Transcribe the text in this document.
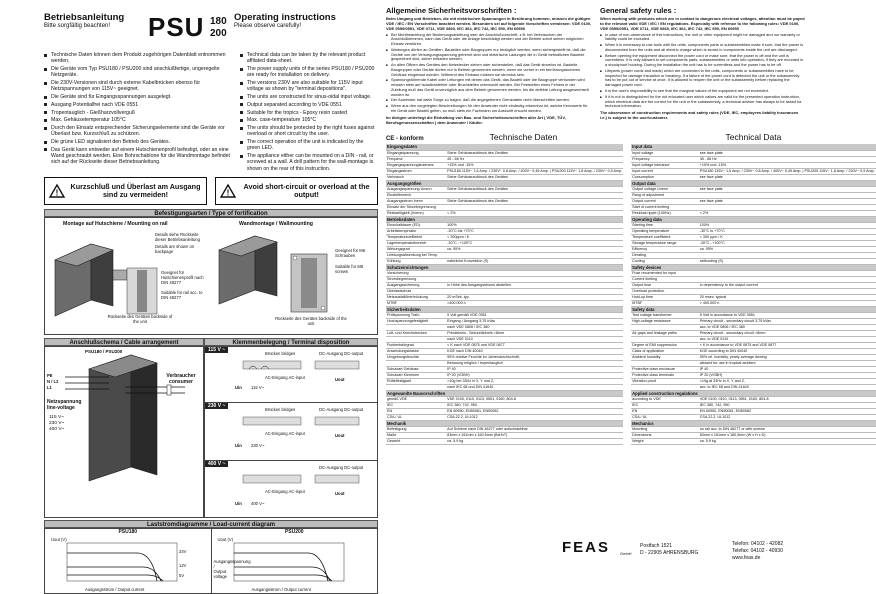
Betriebsanleitung
Bitte sorgfältig beachten!	PSU 180
200
Operating instructions
Please observe carefully!
Technische Daten können dem Produkt zugehörigen Datenblatt entnommen werden.
Die Geräte vom Typ PSU180 / PSU200 sind anschlußfertige, ungeregelte Netzgeräte.
Die 230V-Versionen sind durch externe Kabelbrücken ebenso für Netzspannungen von 115V~ geeignet.
Die Geräte sind für Eingangsspannungen ausgelegt.
Ausgang Potentialfrei nach VDE 0551
Tropentauglich - Gießharzvollverguß
Max. Gehäusetemperatur 105°C
Durch den Einsatz entsprechender Sicherungselemente sind die Geräte vor Überlast bzw. Kurzschluß zu schützen.
Die grüne LED signalisiert den Betrieb des Gerätes.
Das Gerät kann entweder auf einem Hutschienenprofil befestigt, oder an eine Wand geschraubt werden. Eine Bohrschablone für die Wandmontage befindet sich auf der Rückseite dieser Betriebsanleitung.
Technical data can be taken by the relevant product affilated data-sheet.
The power supply units of the series PSU180 / PSU200 are ready for installation on delivery.
The versions 230V are also suitable for 115V input voltage as shown by "terminal depositions".
The units are constructed for sinus-oidal input voltage.
Output separated according to VDE 0551
Suitable for the tropics - Epoxy resin casted
Max. case-temperature 105°C
The units should be protected by the right fuses against overload or short circuit by the user.
The correct operation of the unit is indicated by the green LED.
The appliance either can be mounted on a DIN - rail, or screwed at a wall. A drill pattern for the wall-montage is shown on the rear of this instruction.
!
Kurzschluß und Überlast am Ausgang sind zu vermeiden!	!
Avoid short-circuit or overload at the output!
Befestigungsarten / Type of fortification
Montage auf Hutschiene / Mounting on rail	Wandmontage / Wallmounting
Details siehe Rückseite dieser Betriebsanleitung
Details are shown on backpage
Geeignet für Hutschienenprofil nach DIN 46277
Suitable for rail acc. to DIN 46277
Rückseite des Gerätes backside of the unit
Geeignet für M6 Schrauben
Suitable for M6 screws
Rückseite des Gerätes backside of the unit
Anschlußschema / Cable arrangement	Klemmenbelegung / Terminal disposition
PSU180 / PSU200
PE
N / L2
L1
Netzspannung line-voltage
115 V~
230 V~
400 V~
Verbraucher consumer
115 V ~
Brücken bridges
AC-Eingang AC-input
DC-Ausgang DC-output
Uin 115 V~
Uout
230 V ~
Brücken bridges
AC-Eingang AC-input
DC-Ausgang DC-output
Uin 230 V~
Uout
400 V ~
AC-Eingang AC-input
DC-Ausgang DC-output
Uin 400 V~
Uout
Laststromdiagramme / Load-current diagram
PSU180
Uout (V)
24V
12V
5V
Ausgangsstrom / Output current
PSU200
Uout (V)
Ausgangsstrom / Output current
Ausgangsspannung / Output voltage
Allgemeine Sicherheitsvorschriften :
Beim Umgang und Betrieben, die mit elektrischen Spannungen in Berührung kommen, müssen die gültigen VDE / IEC / EN Vorschriften beachtet werden. Besonders sei auf folgende Vorschriften verwiesen: VDE 0100, VDE 0550/0551, VDE 0711, VDE 0860, IEC 364, IEC 742, IEC 950, EN 60950
■ Bei Nichtbeachtung der Bedienungsanleitung oder der Anschlußvorschrift, z.B. bei Verbrauchen der Anschlußklemmen, kann das Gerät oder die Anlage beschädigt werden und der Betrieb sofort seinen möglichen Einsatz zerstören.
■ Wartungen dürfen an Geräten, Bauteilen oder Baugruppen nur bezüglich werden, wenn sichergestellt ist, daß die Geräte von der Versorgungsspannung getrennt sind und elektrische Ladungen die in Gerät befindlichen Bauteile gespeichert sind, sicher entladen werden.
■ An allen Öffnen des Gerätes den Netzstecker ziehen oder sicherstellen, daß das Gerät stromlos ist. Bauteile, Baugruppen oder Geräte dürfen nur in Betrieb genommen werden, wenn sie vorher in ein berührungssicheres Gehäuse eingebaut wurden. Während des Einbaus müssen sie stromlos sein.
■ Spannungsführende Kabel oder Leitungen mit denen das Gerät, das Bauteil oder die Baugruppe verbunden wird müssen stets auf Isolationsfehler oder Bruchstellen untersucht werden. Bei Feststellen eines Fehlers in der Zuleitung muß das Gerät unverzüglich aus dem Betrieb genommen werden, bis die defekte Leitung ausgewechselt worden ist.
■ Der Anwender hat dafür Sorge zu tragen, daß die angegebenen Grenzdaten nicht überschritten werden.
■ Wenn aus den vorgelegten Beschreibungen für den Anwender nicht eindeutig erkennbar ist, welche Kennwerte für ein Gerät oder Bauteil gelten, so muß stets ein Fachmann um Auskunft ersucht werden.
Im übrigen unterliegt die Einhaltung von Bau- und Sicherheitsvorschriften aller Art ( VDE, TÜV, Berufsgenossenschaften ) dem Anwender / Käufer.
General safety rules :
When working with products which are in contact to dangerous electrical voltages, attention must be payed to the relevant valid VDE / IEC / EN regulations. Especially with refrence to the following rules: VDE 0100, VDE 0550/0551, VDE 0711, VDE 0860, IEC 364, IEC 742, IEC 950, EN 60950
■ In case of non-observance of this instructions, the unit or other equipment might be damaged and our warranty or liability could be excluded.
■ When it is necessary to use tools with the units, components parts or subassemblies make it sure, that the power is disconnected from the units and all electric charge which is stored in components inside the unit are discharged.
■ Before opening the equipment disconnect the power cord or make sure, that the power is off and the unit is currentless. It is only allowed to set components parts, subassemblies or units into operation, if they are mounted in a shockproof housing. During the installation the unit has to be currentless and the power has to be off.
■ Lifeparts (power cords and leads) which are connected to the units, components or subassemblies have to be inspected for damage insulation or breaking. If a failure of the power cord is detected the unit or the subassembly has to be put out of service at once. It is allowed to reopen the unit or the subassembly before replacing the damaged power cord.
■ It is the user's responsibility to see that the marginal values of the equipment are not exceeded.
■ If it is not to distinguished for the not educated user which values are valid for the presented operation instruction, which electrical data are the correct for the unit or the subassembly, a technical adviser has always to be asked for technical information.
The observance of construction requirements and safety rules (VDE, IEC, employees liability Insurances i.e.) is subject to the user/customer.
CE - konform	Technische Daten
Eingangsdaten	
Eingangsspannung	Siehe Gehäuseaufdruck des Gerätes
Frequenz	45 - 66 Hz
Eingangsspannungstoleranz	+15% und -15%
Eingangsstrom	PSU180 115V~ 1,6 Amp. / 230V~ 0,8 Amp. / 400V~ 0,45 Amp. | PSU200 115V~ 1,8 Amp. / 230V~ 0,9 Amp.
Verbrauch	Siehe Gehäuseaufdruck des Gerätes
Ausgangsgrößen	
Ausgangsspannung Unenn	Siehe Gehäuseaufdruck des Gerätes
Einstellbereich	
Ausgangsstrom Inenn	Siehe Gehäuseaufdruck des Gerätes
Einsatz der Strombegrenzung	
Restwelligkeit (Vnenn)	< 2%
Betriebsdaten	
Einschaltdauer (ED)	100%
Arbeitstemperatur	-30°C bis +70°C
Temperaturkoeffizient	< 300ppm / K
Lagertemperaturbereich	-30°C...+100°C
Wirkungsgrad	ca. 95%
Leistungsabsenkung bei Temp.	
Kühlung	natürliche Konvektion (S)
Schutzeinrichtungen	
Vorsicherung	
Strombegrenzung	
Ausgangssicherung	in Höhe des Ausgangsstroms abstellen
Überlastschutz	
Netzausfallüberbrückung	20 mSek. typ.
MTBF	>400.000 h
Sicherheitsdaten	
Prüfspannung Trafo	5 Volt gemäß VDE 0551
Hochspannungsfestigkeit	Eingang / Ausgang 3,75 kVac
	nach VDE 0806 / IEC 380
Luft- und Kriechstrecken	Primärkreis - Sekundärkreis >8mm
	nach VDE 0110
Funkentstörgrad	< K nach VDE 0875 und VDE 0877
Anwendungsklasse	KGE nach DIN 40040
Umgebungsfeuchte	95% relative Feuchte im Jahresdurchschnitt,
	Betauung möglich / tropentauglich
Schutzart Gehäuse	IP 40
Schutzart Klemmen	IP 20 (VGBH)
Rüttelfestigkeit	>10g bei 33Hz in X, Y und Z,
	nach IEC 68 und DIN 41640
Angewandte Bauvorschriften	
gemäß VDE	VDE 0100, 0110, 0113, 0551, 0160, 804-8
IEC	IEC 380, 742, 950
EN	EN 60950, EN50081, EN50082
CSA / UL	CSA 22.2, UL1012
Mechanik	
Befestigung	Auf Schiene nach DIN 46277 oder aufschraubbar
Maße	83mm x 161mm x 160,5mm (BxHxT)
Gewicht	ca. 5,9 kg
Technical Data
Input data	
Input voltage	see face plate
Frequency	45 - 66 Hz
Input voltage tolerance	+15% und -15%
Input current	PSU180 115V~ 1,6 Amp. / 230V~ 0,8 Amp. / 400V~ 0,45 Amp. | PSU200 115V~ 1,8 Amp. / 230V~ 0,9 Amp.
Consumption	see face plate
Output data	
Output voltage Unenn	see face plate
Rang of adjustment	
Output current	see face plate
Start of current limiting	
Residual ripple (100Hz)	< 2%
Operating data	
Starting time	100%
Operating temperature	-30°C to +70°C
Temperature coefficient	< 300 ppm / K
Storage temperature range	-30°C...+100°C
Efficency	ca. 95%
Derating	
Cooling	selfcooling (S)
Safety devices	
Fuse recomended for input	
Current limiting	
Output fuse	in dependency to the output current
Overload protection	
Hold-up time	20 msec. typical
MTBF	> 400.000 h
Safety data	
Test voltage transformer	5 Volt in accordance to VDE 0551
High-voltage resistance	Primary circuit - secondary circuit 3,75 kVac
	acc. to VDE 0806 / IEC 380
Air gaps and leakage paths	Primary circuit - secondary circuit >8mm
	acc. to VDE 0110
Degree of EMI suppression	< K in accordance to VDE 0875 and VDE 0877
Class of application	KGE according to DIN 40040
Ambient humidity	95% rel. humidity, yearly average dewing
	allowed for use in tropical ambient
Protective class enclosure	IP 40
Protective class terminals	IP 20 (VGBH)
Vibration proof	>10g at 33Hz in X, Y and Z,
	acc. to IEC 68 and DIN 41640
Applied construction regulations	
according to VDE	VDE 0100, 0110, 0113, 0551, 0160, 804-8
IEC	IEC 380, 742, 950
EN	EN 60950, EN50081, EN50082
CSA / UL	CSA 22.2, UL1012
Mechanics	
Mounting	on rail acc. to DIN 46277 or with screws
Dimensions	83mm x 161mm x 160,5mm (W x H x D)
Weight	ca. 5,9 kg
FEAS GmbH
Postfach 1521
D - 22905 AHRENSBURG
Telefon: 04102 - 42082
Telefax: 04102 - 40930
www.feas.de
